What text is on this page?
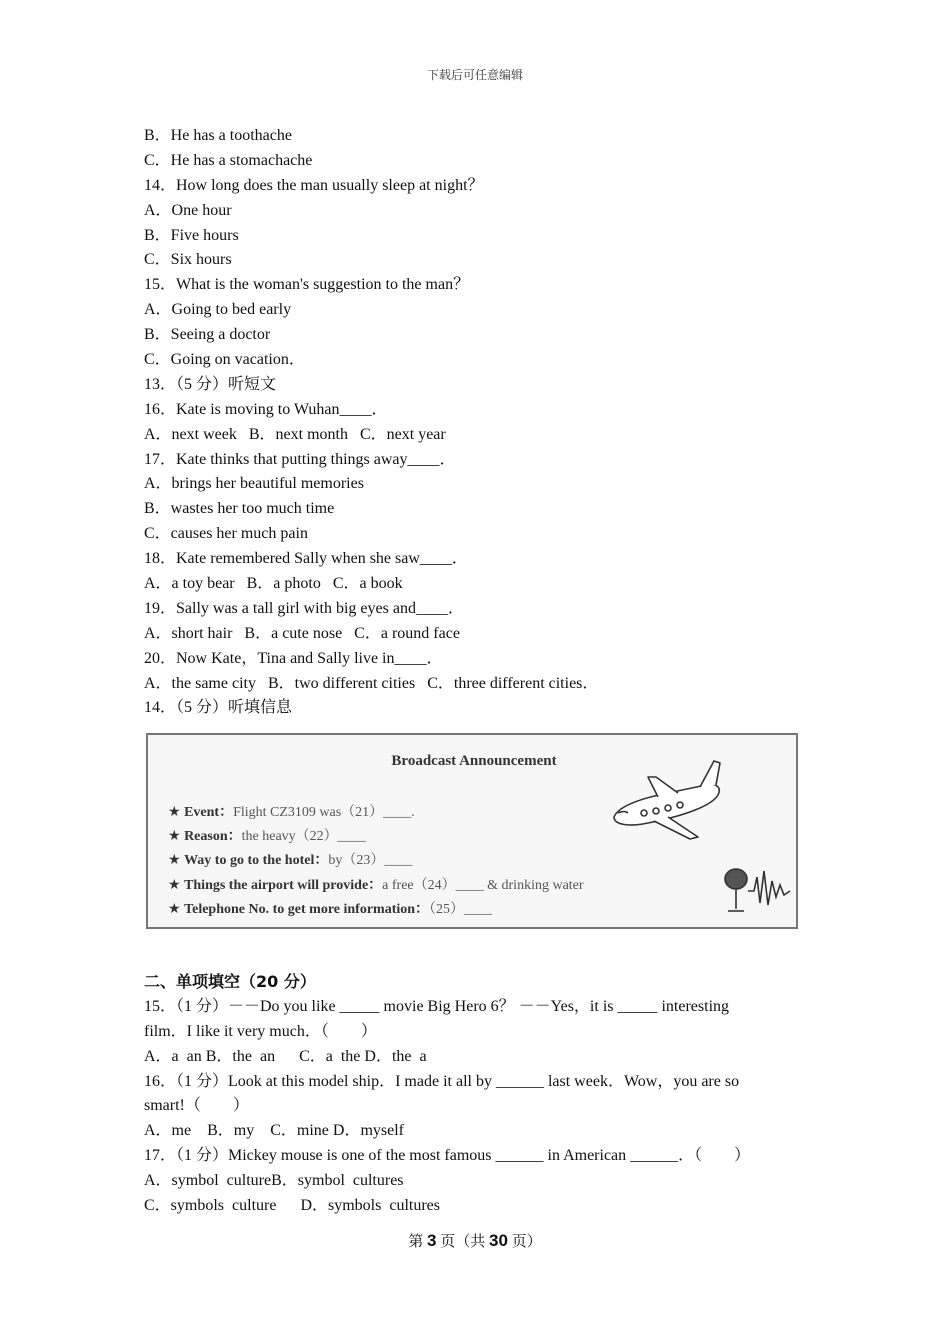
下载后可任意编辑
B．He has a toothache
C．He has a stomachache
14．How long does the man usually sleep at night？
A．One hour
B．Five hours
C．Six hours
15．What is the woman's suggestion to the man？
A．Going to bed early
B．Seeing a doctor
C．Going on vacation．
13．（5 分）听短文
16．Kate is moving to Wuhan____．
A．next week   B．next month   C．next year
17．Kate thinks that putting things away____．
A．brings her beautiful memories
B．wastes her too much time
C．causes her much pain
18．Kate remembered Sally when she saw____．
A．a toy bear   B．a photo   C．a book
19．Sally was a tall girl with big eyes and____．
A．short hair   B．a cute nose   C．a round face
20．Now Kate，Tina and Sally live in____．
A．the same city   B．two different cities   C．three different cities．
14．（5 分）听填信息
Broadcast Announcement
★ Event：Flight CZ3109 was（21）____.
★ Reason：the heavy（22）____
★ Way to go to the hotel：by（23）____
★ Things the airport will provide：a free（24）____ & drinking water
★ Telephone No. to get more information：（25）____
二、单项填空（20 分）
15．（1 分）－－Do you like _____ movie Big Hero 6？ －－Yes，it is _____ interesting
film．I like it very much．（        ）
A．a  an B．the  an      C．a  the D．the  a
16．（1 分）Look at this model ship．I made it all by ______ last week．Wow，you are so
smart!（        ）
A．me    B．my    C．mine D．myself
17．（1 分）Mickey mouse is one of the most famous ______ in American ______．（        ）
A．symbol  cultureB．symbol  cultures
C．symbols  culture      D．symbols  cultures
第 3 页（共 30 页）
